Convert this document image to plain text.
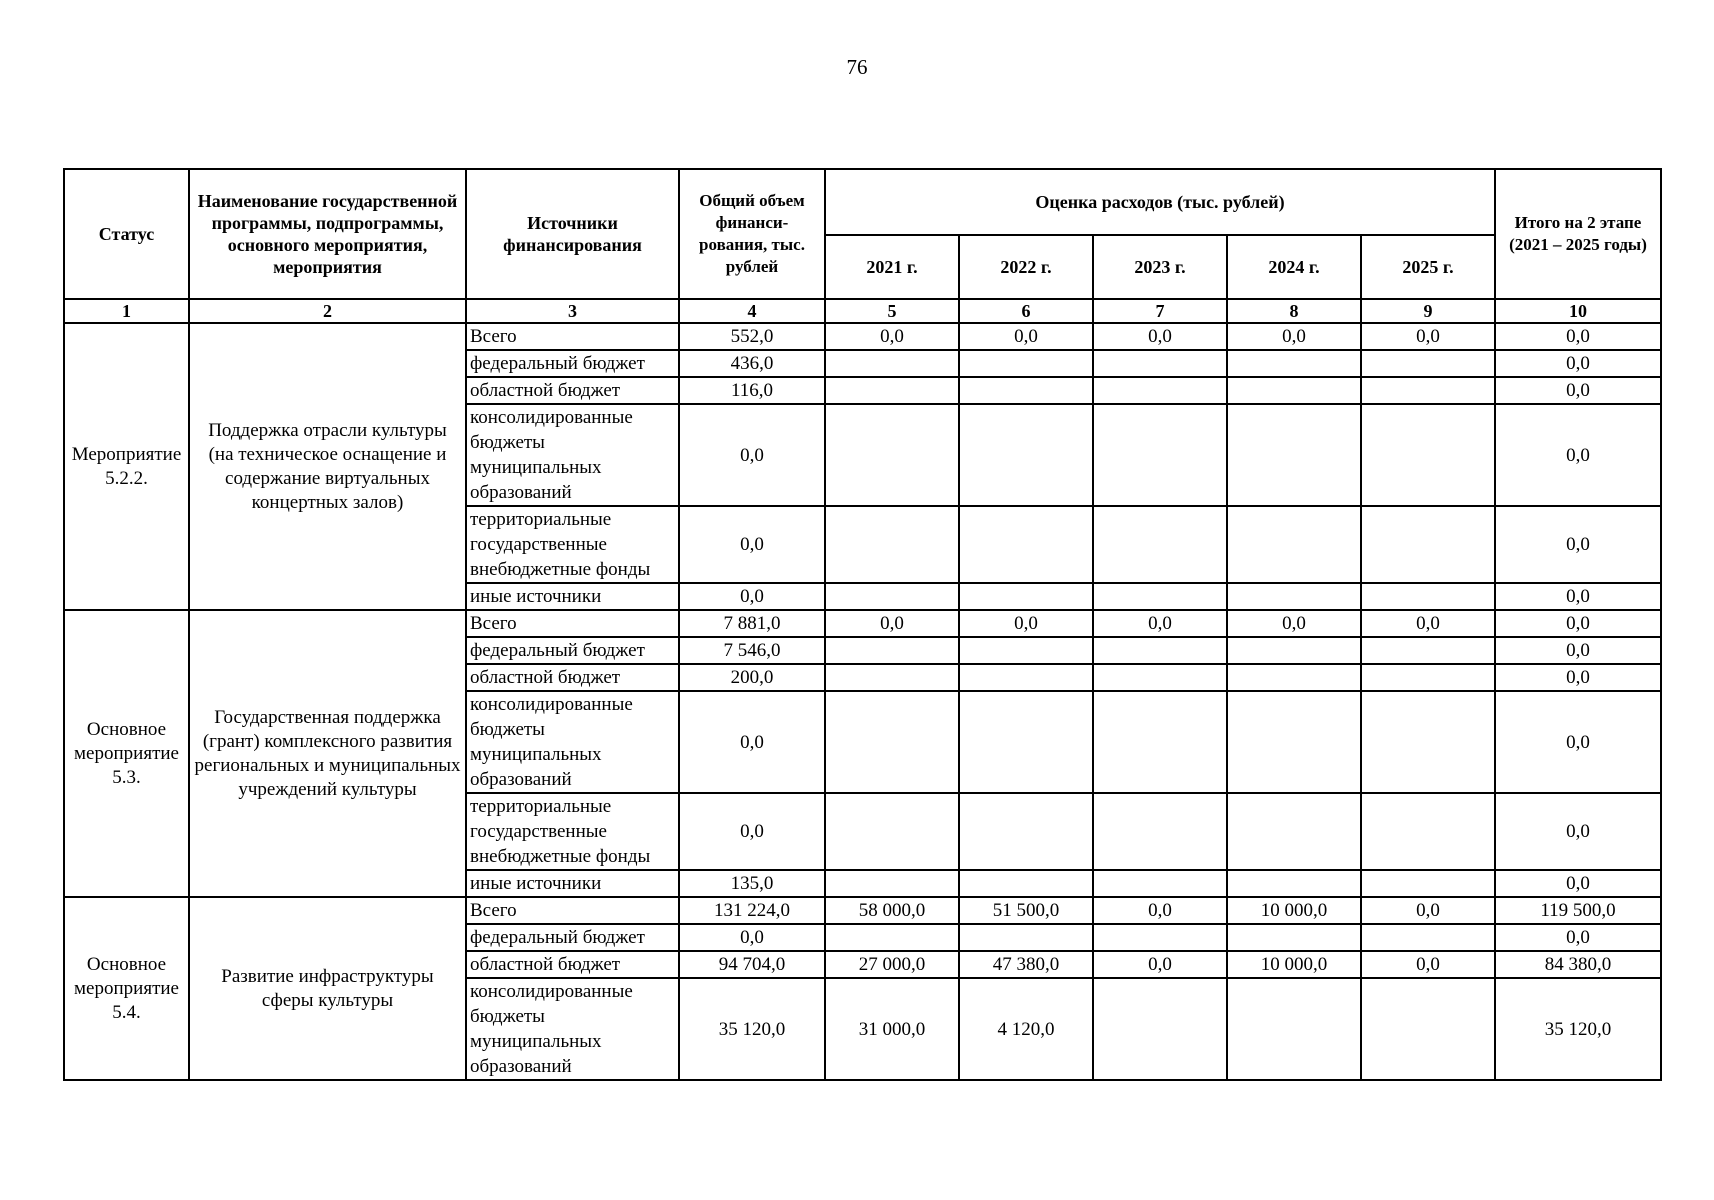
76
Статус	Наименование государственной программы, подпрограммы, основного мероприятия, мероприятия	Источники финансирования	Общий объем финанси-рования, тыс. рублей	Оценка расходов (тыс. рублей)					Итого на 2 этапе (2021 – 2025 годы)
				2021 г.	2022 г.	2023 г.	2024 г.	2025 г.	
1	2	3	4	5	6	7	8	9	10
Мероприятие 5.2.2.	Поддержка отрасли культуры (на техническое оснащение и содержание виртуальных концертных залов)	Всего	552,0	0,0	0,0	0,0	0,0	0,0	0,0
		федеральный бюджет	436,0						0,0
		областной бюджет	116,0						0,0
		консолидированные бюджеты муниципальных образований	0,0						0,0
		территориальные государственные внебюджетные фонды	0,0						0,0
		иные источники	0,0						0,0
Основное мероприятие 5.3.	Государственная поддержка (грант) комплексного развития региональных и муниципальных учреждений культуры	Всего	7 881,0	0,0	0,0	0,0	0,0	0,0	0,0
		федеральный бюджет	7 546,0						0,0
		областной бюджет	200,0						0,0
		консолидированные бюджеты муниципальных образований	0,0						0,0
		территориальные государственные внебюджетные фонды	0,0						0,0
		иные источники	135,0						0,0
Основное мероприятие 5.4.	Развитие инфраструктуры сферы культуры	Всего	131 224,0	58 000,0	51 500,0	0,0	10 000,0	0,0	119 500,0
		федеральный бюджет	0,0						0,0
		областной бюджет	94 704,0	27 000,0	47 380,0	0,0	10 000,0	0,0	84 380,0
		консолидированные бюджеты муниципальных образований	35 120,0	31 000,0	4 120,0				35 120,0
